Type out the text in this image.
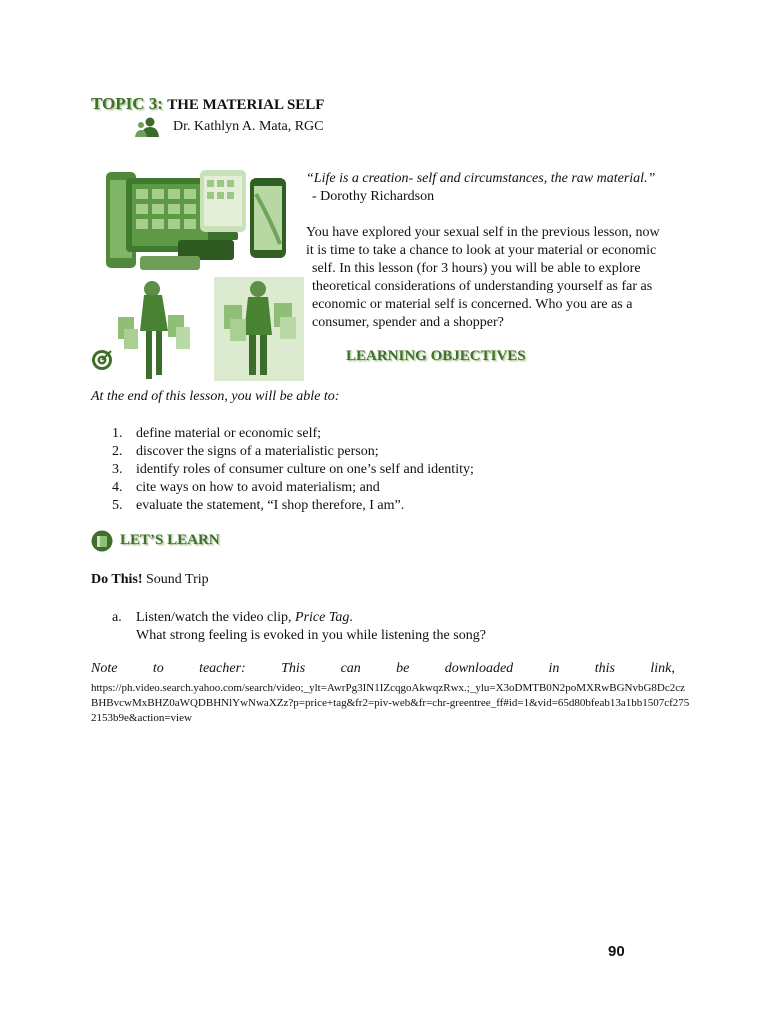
TOPIC 3: THE MATERIAL SELF
Dr. Kathlyn A. Mata, RGC
“Life is a creation- self and circumstances, the raw material.”
- Dorothy Richardson
You have explored your sexual self in the previous lesson, now
it is time to take a chance to look at your material or economic
self. In this lesson (for 3 hours) you will be able to explore
theoretical considerations of understanding yourself as far as
economic or material self is concerned. Who you are as a
consumer, spender and a shopper?
LEARNING OBJECTIVES
At the end of this lesson, you will be able to:
1. define material or economic self;
2. discover the signs of a materialistic person;
3. identify roles of consumer culture on one’s self and identity;
4. cite ways on how to avoid materialism; and
5. evaluate the statement, “I shop therefore, I am”.
LET’S LEARN
Do This! Sound Trip
a.	Listen/watch the video clip, Price Tag.
What strong feeling is evoked in you while listening the song?
Note	to	teacher:	This	can	be	downloaded	in	this	link,
https://ph.video.search.yahoo.com/search/video;_ylt=AwrPg3IN1IZcqgoAkwqzRwx.;_ylu=X3oDMTB0N2poMXRwBGNvbG8Dc2czBHBvcwMxBHZ0aWQDBHNlYwNwaXZz?p=price+tag&fr2=piv-web&fr=chr-greentree_ff#id=1&vid=65d80bfeab13a1bb1507cf2752153b9e&action=view
90
